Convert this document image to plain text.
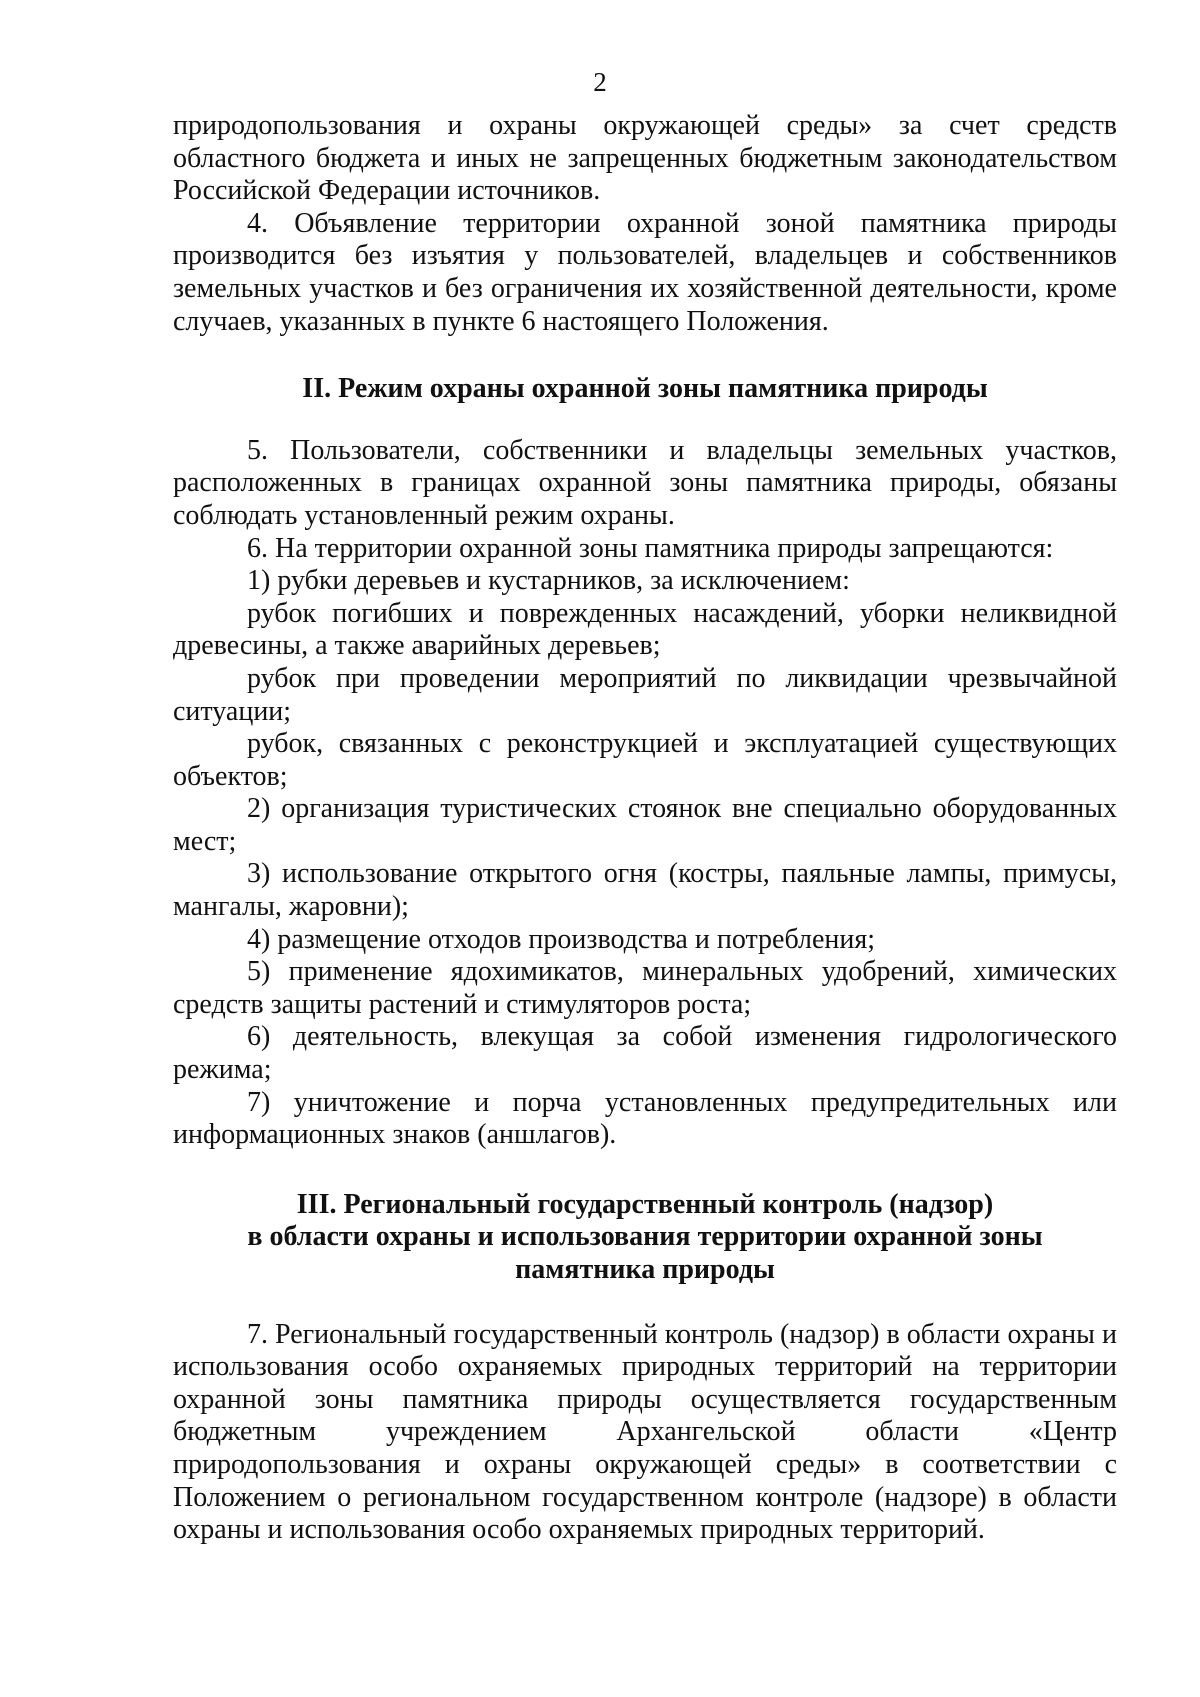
2

природопользования и охраны окружающей среды» за счет средств областного бюджета и иных не запрещенных бюджетным законодательством Российской Федерации источников.

4. Объявление территории охранной зоной памятника природы производится без изъятия у пользователей, владельцев и собственников земельных участков и без ограничения их хозяйственной деятельности, кроме случаев, указанных в пункте 6 настоящего Положения.

II. Режим охраны охранной зоны памятника природы

5. Пользователи, собственники и владельцы земельных участков, расположенных в границах охранной зоны памятника природы, обязаны соблюдать установленный режим охраны.

6. На территории охранной зоны памятника природы запрещаются:

1) рубки деревьев и кустарников, за исключением:

рубок погибших и поврежденных насаждений, уборки неликвидной древесины, а также аварийных деревьев;

рубок при проведении мероприятий по ликвидации чрезвычайной ситуации;

рубок, связанных с реконструкцией и эксплуатацией существующих объектов;

2) организация туристических стоянок вне специально оборудованных мест;

3) использование открытого огня (костры, паяльные лампы, примусы, мангалы, жаровни);

4) размещение отходов производства и потребления;

5) применение ядохимикатов, минеральных удобрений, химических средств защиты растений и стимуляторов роста;

6) деятельность, влекущая за собой изменения гидрологического режима;

7) уничтожение и порча установленных предупредительных или информационных знаков (аншлагов).

III. Региональный государственный контроль (надзор)
в области охраны и использования территории охранной зоны
памятника природы

7. Региональный государственный контроль (надзор) в области охраны и использования особо охраняемых природных территорий на территории охранной зоны памятника природы осуществляется государственным бюджетным учреждением Архангельской области «Центр природопользования и охраны окружающей среды» в соответствии с Положением о региональном государственном контроле (надзоре) в области охраны и использования особо охраняемых природных территорий.
